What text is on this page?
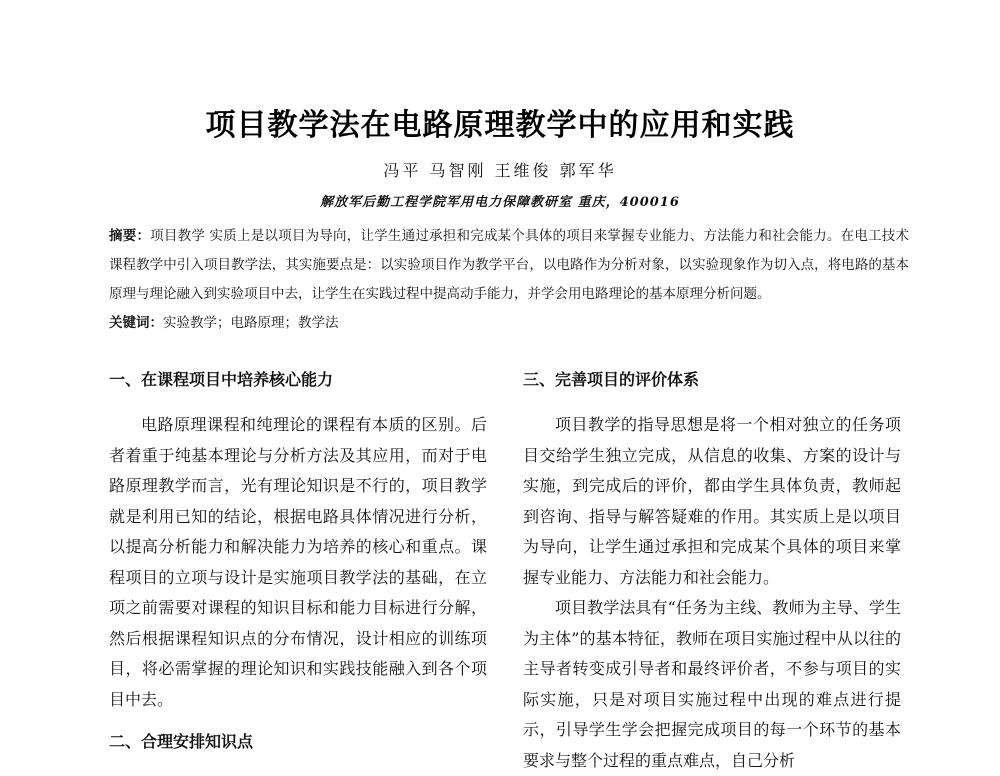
项目教学法在电路原理教学中的应用和实践
冯平 马智刚 王维俊 郭军华
解放军后勤工程学院军用电力保障教研室 重庆，400016

摘要：项目教学 实质上是以项目为导向，让学生通过承担和完成某个具体的项目来掌握专业能力、方法能力和社会能力。在电工技术课程教学中引入项目教学法，其实施要点是：以实验项目作为教学平台，以电路作为分析对象，以实验现象作为切入点，将电路的基本原理与理论融入到实验项目中去，让学生在实践过程中提高动手能力，并学会用电路理论的基本原理分析问题。

关键词：实验教学；电路原理；教学法

一、在课程项目中培养核心能力

电路原理课程和纯理论的课程有本质的区别。后者着重于纯基本理论与分析方法及其应用，而对于电路原理教学而言，光有理论知识是不行的，项目教学就是利用已知的结论，根据电路具体情况进行分析，以提高分析能力和解决能力为培养的核心和重点。课程项目的立项与设计是实施项目教学法的基础，在立项之前需要对课程的知识目标和能力目标进行分解，然后根据课程知识点的分布情况，设计相应的训练项目，将必需掌握的理论知识和实践技能融入到各个项目中去。

二、合理安排知识点
三、完善项目的评价体系

项目教学的指导思想是将一个相对独立的任务项目交给学生独立完成，从信息的收集、方案的设计与实施，到完成后的评价，都由学生具体负责，教师起到咨询、指导与解答疑难的作用。其实质上是以项目为导向，让学生通过承担和完成某个具体的项目来掌握专业能力、方法能力和社会能力。

项目教学法具有“任务为主线、教师为主导、学生为主体”的基本特征，教师在项目实施过程中从以往的主导者转变成引导者和最终评价者，不参与项目的实际实施，只是对项目实施过程中出现的难点进行提示，引导学生学会把握完成项目的每一个环节的基本要求与整个过程的重点难点，自己分析
